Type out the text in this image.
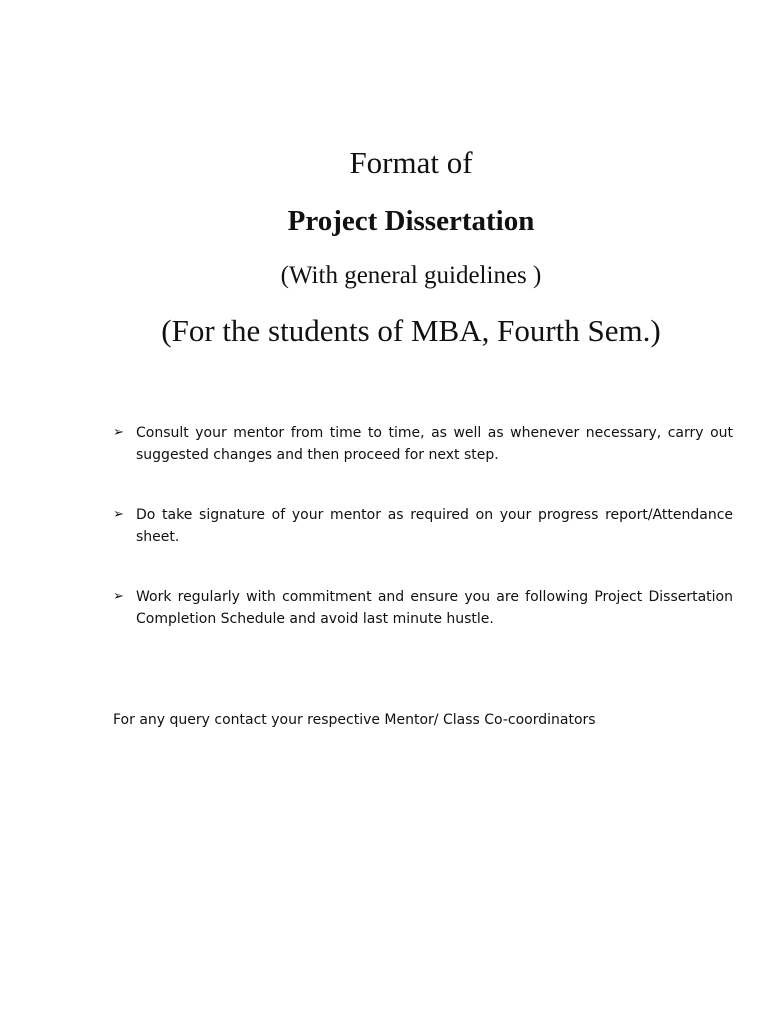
Format of
Project Dissertation
(With general guidelines )
(For the students of MBA, Fourth Sem.)
➢ Consult your mentor from time to time, as well as whenever necessary, carry out suggested changes and then proceed for next step.
➢ Do take signature of your mentor as required on your progress report/Attendance sheet.
➢ Work regularly with commitment and ensure you are following Project Dissertation Completion Schedule and avoid last minute hustle.
For any query contact your respective Mentor/ Class Co-coordinators
